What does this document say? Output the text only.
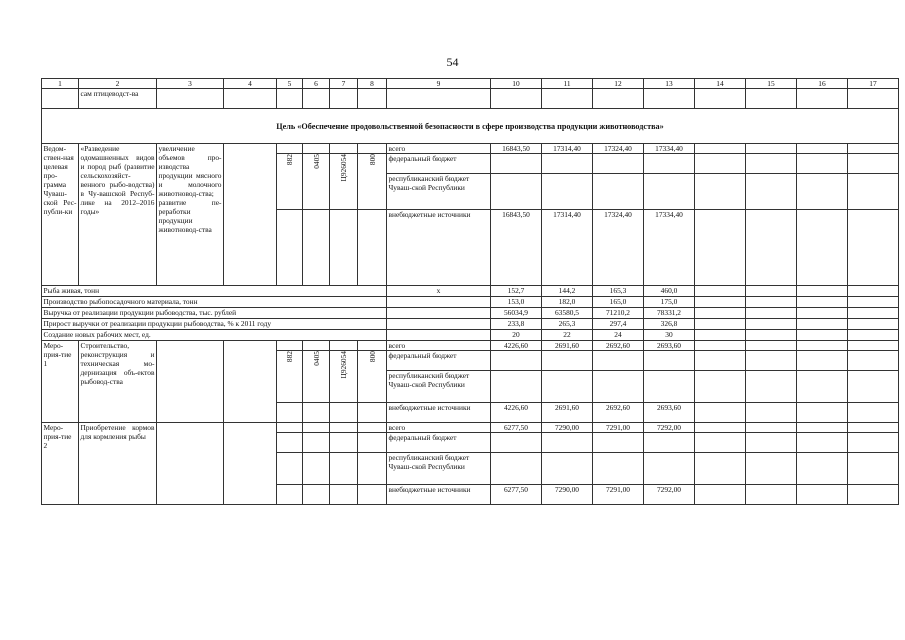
54
1	2	3	4	5	6	7	8	9	10	11	12	13	14	15	16	17
	сам птицеводст-ва															
Цель «Обеспечение продовольственной безопасности в сфере производства продукции животноводства»																
Ведом-ствен-ная целевая про-грамма Чуваш-ской Рес-публи-ки	«Разведение одомашненных видов и пород рыб (развитие сельскохозяйст-венного рыбо-водства) в Чу-вашской Респуб-лике на 2012–2016 годы»	увеличение объемов про-изводства продукции мясного и молочного животновод-ства; развитие пе-реработки продукции животновод-ства						всего	16843,50	17314,40	17324,40	17334,40				
				882	0405	Ц926054	800	федеральный бюджет								
								республиканский бюджет Чуваш-ской Республики								
								внебюджетные источники	16843,50	17314,40	17324,40	17334,40				
Рыба живая, тонн								х	152,7	144,2	165,3	460,0				
Производство рыбопосадочного материала, тонн									153,0	182,0	165,0	175,0				
Выручка от реализации продукции рыбоводства, тыс. рублей									56034,9	63580,5	71210,2	78331,2				
Прирост выручки от реализации продукции рыбоводства, % к 2011 году									233,8	265,3	297,4	326,8				
Создание новых рабочих мест, ед.									20	22	24	30				
Меро-прия-тие 1	Строительство, реконструкция и техническая мо-дернизация объ-ектов рыбовод-ства							всего	4226,60	2691,60	2692,60	2693,60				
				882	0405	Ц926054	800	федеральный бюджет								
								республиканский бюджет Чуваш-ской Республики								
								внебюджетные источники	4226,60	2691,60	2692,60	2693,60				
Меро-прия-тие 2	Приобретение кормов для кормления рыбы							всего	6277,50	7290,00	7291,00	7292,00				
								федеральный бюджет								
								республиканский бюджет Чуваш-ской Республики								
								внебюджетные источники	6277,50	7290,00	7291,00	7292,00				
